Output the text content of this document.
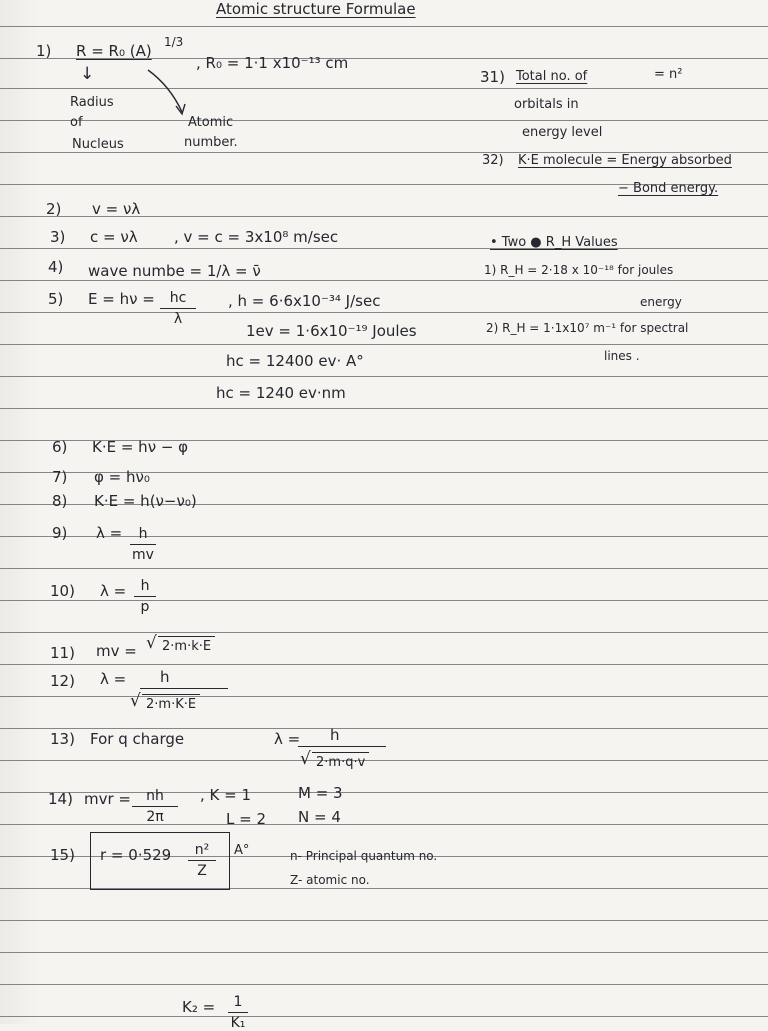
Atomic structure Formulae
1) R = R₀ (A) 1/3
, R₀ = 1·1 x10⁻¹³ cm
↓
Radius
of
Nucleus
Atomic
number.
2) v = νλ
3) c = νλ , v = c = 3x10⁸ m/sec
4) wave numbe = 1/λ = ν̄
5) E = hν =	hc
λ
, h = 6·6x10⁻³⁴ J/sec
1ev = 1·6x10⁻¹⁹ Joules
hc = 12400 ev· A°
hc = 1240 ev·nm
6) K·E = hν − φ
7) φ = hν₀
8) K·E = h(ν−ν₀)
9) λ =	h
mv
10) λ =	h
p
11) mv =
√	2·m·k·E
12) λ = h
√ 2·m·K·E
13) For q charge	λ = h
√ 2·m·q·v
14) mvr =	nh
2π
, K = 1
L = 2
M = 3
N = 4
15) r = 0·529	n²
Z
A°	n- Principal quantum no.
Z- atomic no.
31) Total no. of	= n²
orbitals in
energy level
32) K·E molecule = Energy absorbed
− Bond energy.
• Two ● R_H Values
1) R_H = 2·18 x 10⁻¹⁸ for joules
energy
2) R_H = 1·1x10⁷ m⁻¹ for spectral
lines .
K₂ =	1
K₁
